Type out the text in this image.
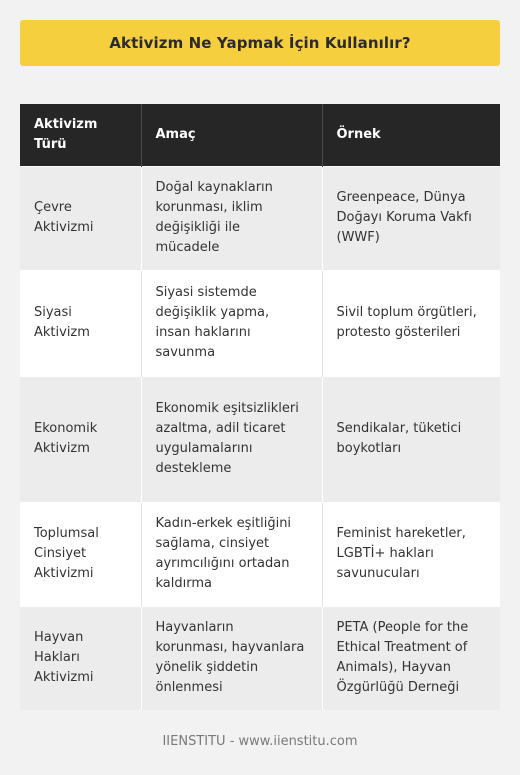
Aktivizm Ne Yapmak İçin Kullanılır?
Aktivizm Türü	Amaç	Örnek
Çevre Aktivizmi	Doğal kaynakların korunması, iklim değişikliği ile mücadele	Greenpeace, Dünya Doğayı Koruma Vakfı (WWF)
Siyasi Aktivizm	Siyasi sistemde değişiklik yapma, insan haklarını savunma	Sivil toplum örgütleri, protesto gösterileri
Ekonomik Aktivizm	Ekonomik eşitsizlikleri azaltma, adil ticaret uygulamalarını destekleme	Sendikalar, tüketici boykotları
Toplumsal Cinsiyet Aktivizmi	Kadın-erkek eşitliğini sağlama, cinsiyet ayrımcılığını ortadan kaldırma	Feminist hareketler, LGBTİ+ hakları savunucuları
Hayvan Hakları Aktivizmi	Hayvanların korunması, hayvanlara yönelik şiddetin önlenmesi	PETA (People for the Ethical Treatment of Animals), Hayvan Özgürlüğü Derneği
IIENSTITU - www.iienstitu.com
